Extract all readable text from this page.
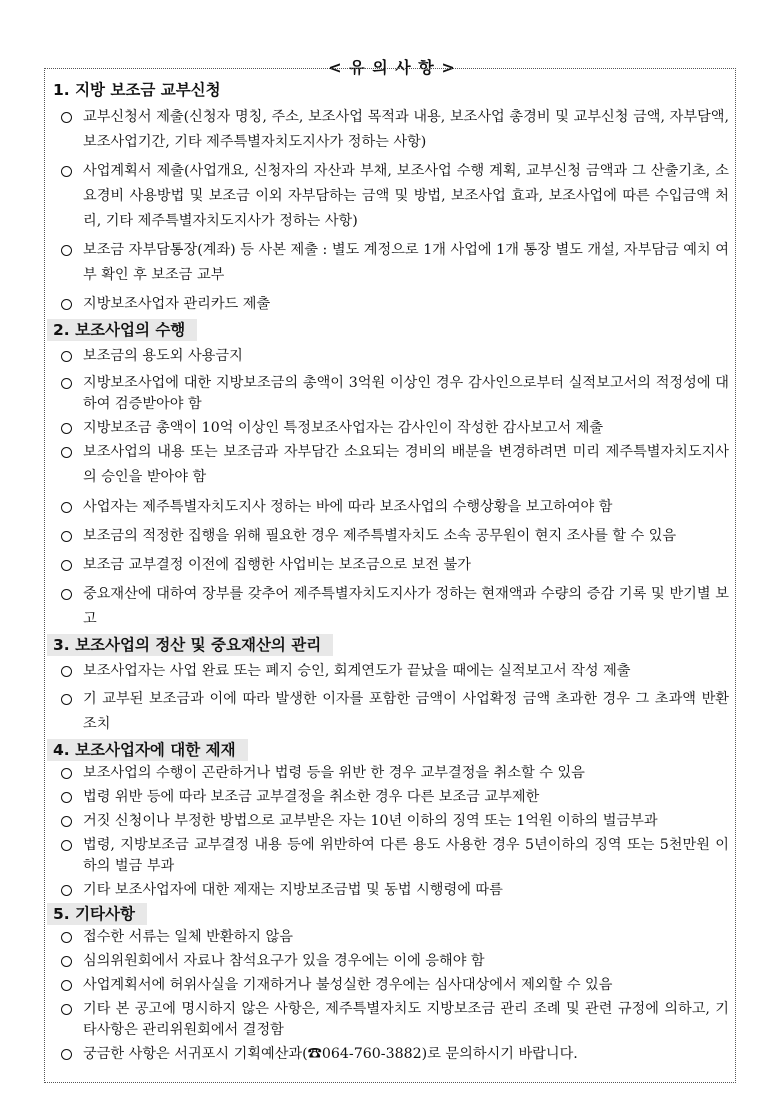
< 유 의 사 항 >
1. 지방 보조금 교부신청
교부신청서 제출(신청자 명칭, 주소, 보조사업 목적과 내용, 보조사업 총경비 및 교부신청 금액, 자부담액, 보조사업기간, 기타 제주특별자치도지사가 정하는 사항)
사업계획서 제출(사업개요, 신청자의 자산과 부채, 보조사업 수행 계획, 교부신청 금액과 그 산출기초, 소요경비 사용방법 및 보조금 이외 자부담하는 금액 및 방법, 보조사업 효과, 보조사업에 따른 수입금액 처리, 기타 제주특별자치도지사가 정하는 사항)
보조금 자부담통장(계좌) 등 사본 제출 : 별도 계정으로 1개 사업에 1개 통장 별도 개설, 자부담금 예치 여부 확인 후 보조금 교부
지방보조사업자 관리카드 제출
2. 보조사업의 수행
보조금의 용도외 사용금지
지방보조사업에 대한 지방보조금의 총액이 3억원 이상인 경우 감사인으로부터 실적보고서의 적정성에 대하여 검증받아야 함
지방보조금 총액이 10억 이상인 특정보조사업자는 감사인이 작성한 감사보고서 제출
보조사업의 내용 또는 보조금과 자부담간 소요되는 경비의 배분을 변경하려면 미리 제주특별자치도지사의 승인을 받아야 함
사업자는 제주특별자치도지사 정하는 바에 따라 보조사업의 수행상황을 보고하여야 함
보조금의 적정한 집행을 위해 필요한 경우 제주특별자치도 소속 공무원이 현지 조사를 할 수 있음
보조금 교부결정 이전에 집행한 사업비는 보조금으로 보전 불가
중요재산에 대하여 장부를 갖추어 제주특별자치도지사가 정하는 현재액과 수량의 증감 기록 및 반기별 보고
3. 보조사업의 정산 및 중요재산의 관리
보조사업자는 사업 완료 또는 폐지 승인, 회계연도가 끝났을 때에는 실적보고서 작성 제출
기 교부된 보조금과 이에 따라 발생한 이자를 포함한 금액이 사업확정 금액 초과한 경우 그 초과액 반환 조치
4. 보조사업자에 대한 제재
보조사업의 수행이 곤란하거나 법령 등을 위반 한 경우 교부결정을 취소할 수 있음
법령 위반 등에 따라 보조금 교부결정을 취소한 경우 다른 보조금 교부제한
거짓 신청이나 부정한 방법으로 교부받은 자는 10년 이하의 징역 또는 1억원 이하의 벌금부과
법령, 지방보조금 교부결정 내용 등에 위반하여 다른 용도 사용한 경우 5년이하의 징역 또는 5천만원 이하의 벌금 부과
기타 보조사업자에 대한 제재는 지방보조금법 및 동법 시행령에 따름
5. 기타사항
접수한 서류는 일체 반환하지 않음
심의위원회에서 자료나 참석요구가 있을 경우에는 이에 응해야 함
사업계획서에 허위사실을 기재하거나 불성실한 경우에는 심사대상에서 제외할 수 있음
기타 본 공고에 명시하지 않은 사항은, 제주특별자치도 지방보조금 관리 조례 및 관련 규정에 의하고, 기타사항은 관리위원회에서 결정함
궁금한 사항은 서귀포시 기획예산과(☎064-760-3882)로 문의하시기 바랍니다.
